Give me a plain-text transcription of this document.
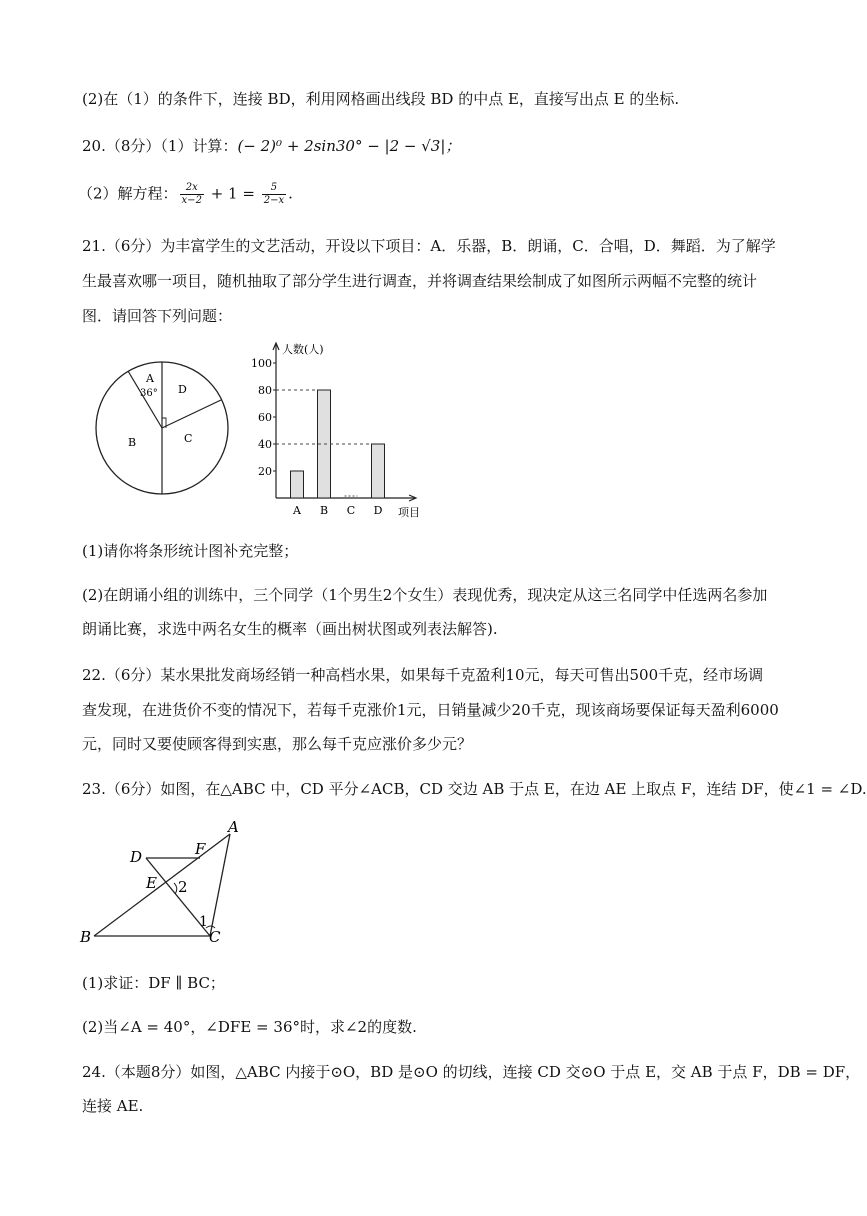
(2)在（1）的条件下，连接 BD，利用网格画出线段 BD 的中点 E，直接写出点 E 的坐标.
20.（8分）（1）计算：(− 2)⁰ + 2sin30° − |2 − √3|；
（2）解方程： $\frac{2x}{x-2} + 1 = \frac{5}{2-x}$ .
21.（6分）为丰富学生的文艺活动，开设以下项目：A．乐器，B．朗诵，C．合唱，D．舞蹈．为了解学
生最喜欢哪一项目，随机抽取了部分学生进行调查，并将调查结果绘制成了如图所示两幅不完整的统计
图．请回答下列问题：
A
36° D
C
B
人数(人)
项目
20
40
60
80
100
A B C D
(1)请你将条形统计图补充完整；
(2)在朗诵小组的训练中，三个同学（1个男生2个女生）表现优秀，现决定从这三名同学中任选两名参加
朗诵比赛，求选中两名女生的概率（画出树状图或列表法解答).
22.（6分）某水果批发商场经销一种高档水果，如果每千克盈利10元，每天可售出500千克，经市场调
查发现，在进货价不变的情况下，若每千克涨价1元，日销量减少20千克，现该商场要保证每天盈利6000
元，同时又要使顾客得到实惠，那么每千克应涨价多少元？
23.（6分）如图，在△ABC 中，CD 平分∠ACB，CD 交边 AB 于点 E，在边 AE 上取点 F，连结 DF，使∠1 = ∠D.
A
D	F
E 2
1
B	C
(1)求证：DF ∥ BC；
(2)当∠A = 40°，∠DFE = 36°时，求∠2的度数.
24.（本题8分）如图，△ABC 内接于⊙O，BD 是⊙O 的切线，连接 CD 交⊙O 于点 E，交 AB 于点 F，DB = DF，
连接 AE.
